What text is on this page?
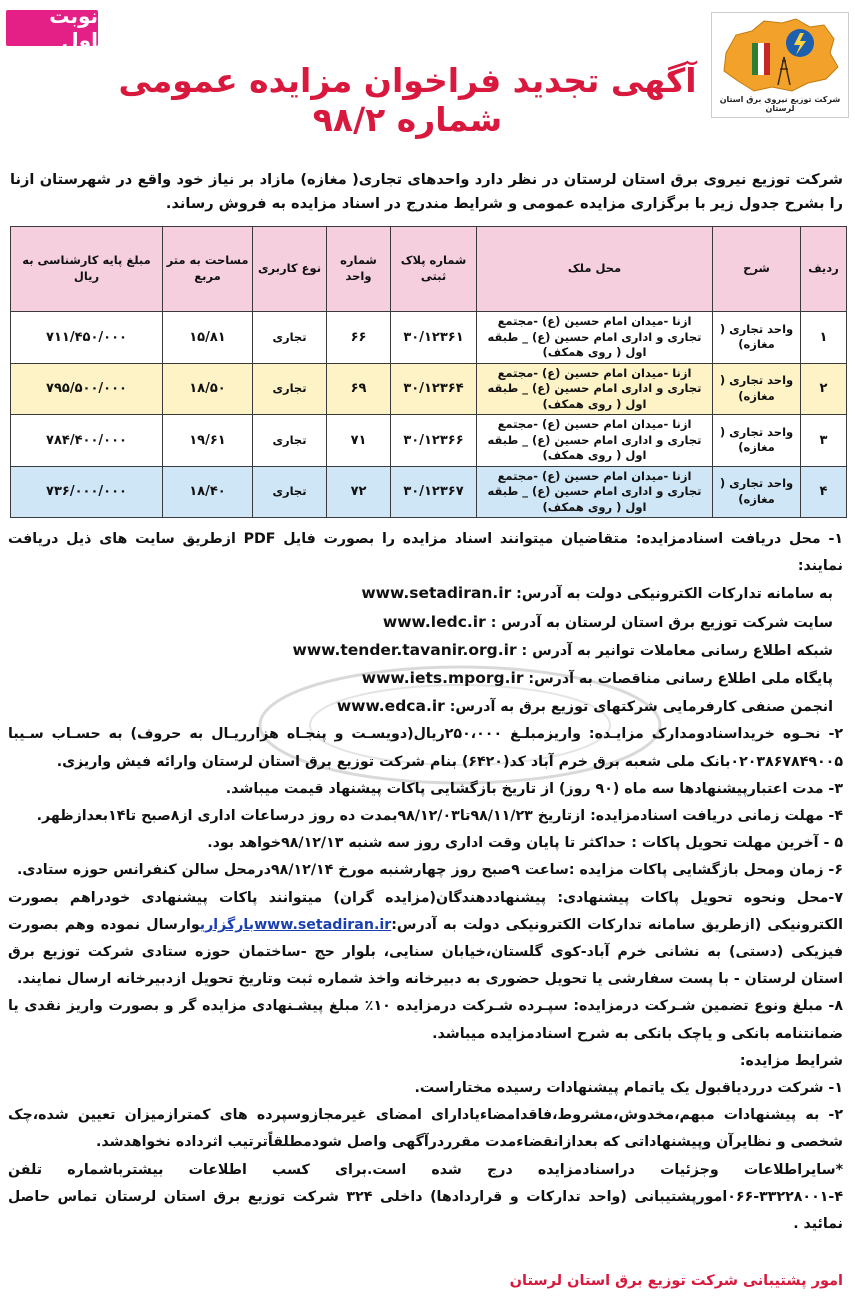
نوبت اول
شرکت توزیع نیروی برق استان لرستان
آگهی تجدید فراخوان مزایده عمومی
شماره ۹۸/۲

شرکت توزیع نیروی برق استان لرستان در نظر دارد واحدهای تجاری( مغازه) مازاد بر نیاز خود واقع در شهرستان ازنا را بشرح جدول زیر با برگزاری مزایده عمومی و شرایط مندرج در اسناد مزایده به فروش رساند.

ردیف	شرح	محل ملک	شماره پلاک ثبتی	شماره واحد	نوع کاربری	مساحت به متر مربع	مبلغ پایه کارشناسی به ریال
۱	واحد تجاری ( مغازه)	ازنا -میدان امام حسین (ع) -مجتمع تجاری و اداری امام حسین (ع) _ طبقه اول ( روی همکف)	۳۰/۱۲۳۶۱	۶۶	تجاری	۱۵/۸۱	۷۱۱/۴۵۰/۰۰۰
۲	واحد تجاری ( مغازه)	ازنا -میدان امام حسین (ع) -مجتمع تجاری و اداری امام حسین (ع) _ طبقه اول ( روی همکف)	۳۰/۱۲۳۶۴	۶۹	تجاری	۱۸/۵۰	۷۹۵/۵۰۰/۰۰۰
۳	واحد تجاری ( مغازه)	ازنا -میدان امام حسین (ع) -مجتمع تجاری و اداری امام حسین (ع) _ طبقه اول ( روی همکف)	۳۰/۱۲۳۶۶	۷۱	تجاری	۱۹/۶۱	۷۸۴/۴۰۰/۰۰۰
۴	واحد تجاری ( مغازه)	ازنا -میدان امام حسین (ع) -مجتمع تجاری و اداری امام حسین (ع) _ طبقه اول ( روی همکف)	۳۰/۱۲۳۶۷	۷۲	تجاری	۱۸/۴۰	۷۳۶/۰۰۰/۰۰۰

۱- محل دریافت اسنادمزایده: متقاضیان میتوانند اسناد مزایده را بصورت فایل PDF ازطریق سایت های ذیل دریافت نمایند:

به سامانه تدارکات الکترونیکی دولت به آدرس: www.setadiran.ir

سایت شرکت توزیع برق استان لرستان به آدرس : www.ledc.ir

شبکه اطلاع رسانی معاملات توانیر به آدرس : www.tender.tavanir.org.ir

پایگاه ملی اطلاع رسانی مناقصات به آدرس: www.iets.mporg.ir

انجمن صنفی کارفرمایی شرکتهای توزیع برق به آدرس: www.edca.ir

۲- نحـوه خریداسنادومدارک مزایـده: واریزمبلـغ ۲۵۰،۰۰۰ریال(دویسـت و پنجـاه هزارریـال به حروف) به حسـاب سـیبا ۰۲۰۳۸۶۷۸۴۹۰۰۵بانک ملی شعبه برق خرم آباد کد(۶۴۲۰) بنام شرکت توزیع برق استان لرستان وارائه فیش واریزی.

۳- مدت اعتبارپیشنهادها سه ماه (۹۰ روز) از تاریخ بازگشایی پاکات پیشنهاد قیمت میباشد.

۴- مهلت زمانی دریافت اسنادمزایده: ازتاریخ ۹۸/۱۱/۲۳تا۹۸/۱۲/۰۳بمدت ده روز درساعات اداری از۸صبح تا۱۴بعدازظهر.

۵ - آخرین مهلت تحویل پاکات : حداکثر تا پایان وقت اداری روز سه شنبه ۹۸/۱۲/۱۳خواهد بود.

۶- زمان ومحل بازگشایی پاکات مزایده :ساعت ۹صبح روز چهارشنبه مورخ ۹۸/۱۲/۱۴درمحل سالن کنفرانس حوزه ستادی.

۷-محل ونحوه تحویل پاکات پیشنهادی: پیشنهاددهندگان(مزایده گران) میتوانند پاکات پیشنهادی خودراهم بصورت الکترونیکی (ازطریق سامانه تدارکات الکترونیکی دولت به آدرس:www.setadiran.irبارگزاریوارسال نموده وهم بصورت فیزیکی (دستی) به نشانی خرم آباد-کوی گلستان،خیابان سنایی، بلوار حج -ساختمان حوزه ستادی شرکت توزیع برق استان لرستان - با پست سفارشی یا تحویل حضوری به دبیرخانه واخذ شماره ثبت وتاریخ تحویل ازدبیرخانه ارسال نمایند.

۸- مبلغ ونوع تضمین شـرکت درمزایده: سپـرده شـرکت درمزایده ۱۰٪ مبلغ پیشـنهادی مزایده گر و بصورت واریز نقدی یا ضمانتنامه بانکی و یاچک بانکی به شرح اسنادمزایده میباشد.

شرایط مزایده:

۱- شرکت درردیاقبول یک یاتمام پیشنهادات رسیده مختاراست.

۲- به پیشنهادات مبهم،مخدوش،مشروط،فاقدامضاءیادارای امضای غیرمجازوسپرده های کمترازمیزان تعیین شده،چک شخصی و نظایرآن وپیشنهاداتی که بعدازانقضاءمدت مقرردرآگهی واصل شودمطلقاًترتیب اثرداده نخواهدشد.

*سایراطلاعات وجزئیات دراسنادمزایده درج شده است.برای کسب اطلاعات بیشترباشماره تلفن ۴-۳۳۲۲۸۰۰۱-۰۶۶امورپشتیبانی (واحد تدارکات و قراردادها) داخلی ۳۲۴ شرکت توزیع برق استان لرستان تماس حاصل نمائید .

امور پشتیبانی شرکت توزیع برق استان لرستان
